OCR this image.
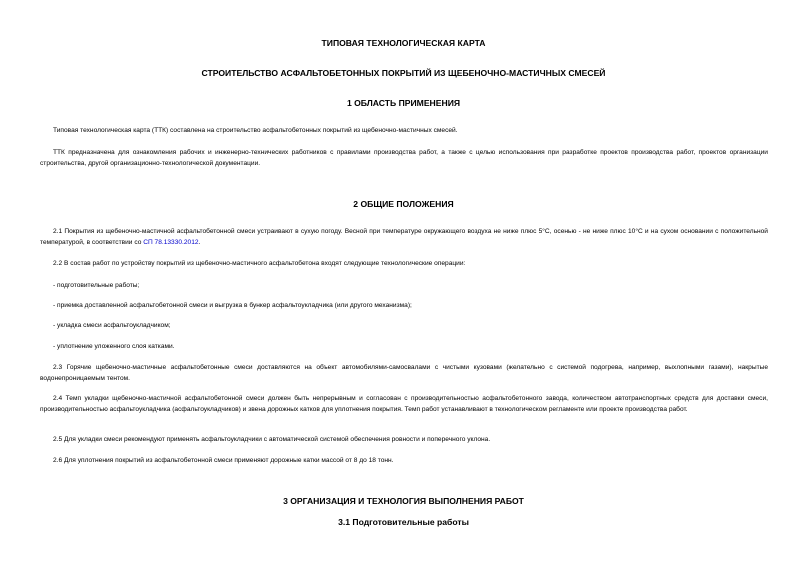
ТИПОВАЯ ТЕХНОЛОГИЧЕСКАЯ КАРТА
СТРОИТЕЛЬСТВО АСФАЛЬТОБЕТОННЫХ ПОКРЫТИЙ ИЗ ЩЕБЕНОЧНО-МАСТИЧНЫХ СМЕСЕЙ
1 ОБЛАСТЬ ПРИМЕНЕНИЯ
Типовая технологическая карта (ТТК) составлена на строительство асфальтобетонных покрытий из щебеночно-мастичных смесей.
ТТК предназначена для ознакомления рабочих и инженерно-технических работников с правилами производства работ, а также с целью использования при разработке проектов производства работ, проектов организации строительства, другой организационно-технологической документации.
2 ОБЩИЕ ПОЛОЖЕНИЯ
2.1 Покрытия из щебеночно-мастичной асфальтобетонной смеси устраивают в сухую погоду. Весной при температуре окружающего воздуха не ниже плюс 5°С, осенью - не ниже плюс 10°С и на сухом основании с положительной температурой, в соответствии со СП 78.13330.2012.
2.2 В состав работ по устройству покрытий из щебеночно-мастичного асфальтобетона входят следующие технологические операции:
- подготовительные работы;
- приемка доставленной асфальтобетонной смеси и выгрузка в бункер асфальтоукладчика (или другого механизма);
- укладка смеси асфальтоукладчиком;
- уплотнение уложенного слоя катками.
2.3 Горячие щебеночно-мастичные асфальтобетонные смеси доставляются на объект автомобилями-самосвалами с чистыми кузовами (желательно с системой подогрева, например, выхлопными газами), накрытые водонепроницаемым тентом.
2.4 Темп укладки щебеночно-мастичной асфальтобетонной смеси должен быть непрерывным и согласован с производительностью асфальтобетонного завода, количеством автотранспортных средств для доставки смеси, производительностью асфальтоукладчика (асфальтоукладчиков) и звена дорожных катков для уплотнения покрытия. Темп работ устанавливают в технологическом регламенте или проекте производства работ.
2.5 Для укладки смеси рекомендуют применять асфальтоукладчики с автоматической системой обеспечения ровности и поперечного уклона.
2.6 Для уплотнения покрытий из асфальтобетонной смеси применяют дорожные катки массой от 8 до 18 тонн.
3 ОРГАНИЗАЦИЯ И ТЕХНОЛОГИЯ ВЫПОЛНЕНИЯ РАБОТ
3.1 Подготовительные работы
